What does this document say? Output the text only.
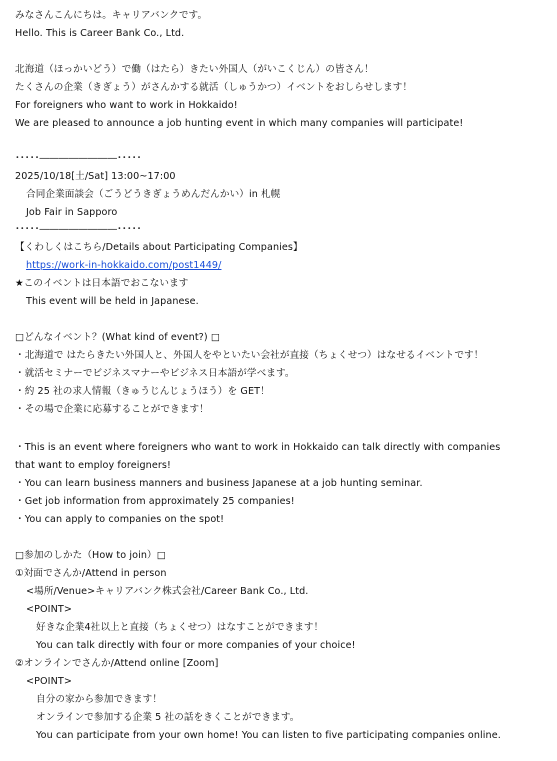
みなさんこんにちは。キャリアバンクです。
Hello. This is Career Bank Co., Ltd.
北海道（ほっかいどう）で働（はたら）きたい外国人（がいこくじん）の皆さん！
たくさんの企業（きぎょう）がさんかする就活（しゅうかつ）イベントをおしらせします！
For foreigners who want to work in Hokkaido!
We are pleased to announce a job hunting event in which many companies will participate!
･････――――――――･････
2025/10/18[土/Sat] 13:00~17:00
合同企業面談会（ごうどうきぎょうめんだんかい）in 札幌
Job Fair in Sapporo
･････――――――――･････
【くわしくはこちら/Details about Participating Companies】
https://work-in-hokkaido.com/post1449/
★このイベントは日本語でおこないます
This event will be held in Japanese.
□どんなイベント？(What kind of event?) □
・北海道で はたらきたい外国人と、外国人をやといたい会社が直接（ちょくせつ）はなせるイベントです！
・就活セミナーでビジネスマナーやビジネス日本語が学べます。
・約 25 社の求人情報（きゅうじんじょうほう）を GET！
・その場で企業に応募することができます！
・This is an event where foreigners who want to work in Hokkaido can talk directly with companies
that want to employ foreigners!
・You can learn business manners and business Japanese at a job hunting seminar.
・Get job information from approximately 25 companies!
・You can apply to companies on the spot!
□参加のしかた（How to join）□
①対面でさんか/Attend in person
<場所/Venue>キャリアバンク株式会社/Career Bank Co., Ltd.
<POINT>
好きな企業4社以上と直接（ちょくせつ）はなすことができます！
You can talk directly with four or more companies of your choice!
②オンラインでさんか/Attend online [Zoom]
<POINT>
自分の家から参加できます！
オンラインで参加する企業 5 社の話をきくことができます。
You can participate from your own home! You can listen to five participating companies online.
